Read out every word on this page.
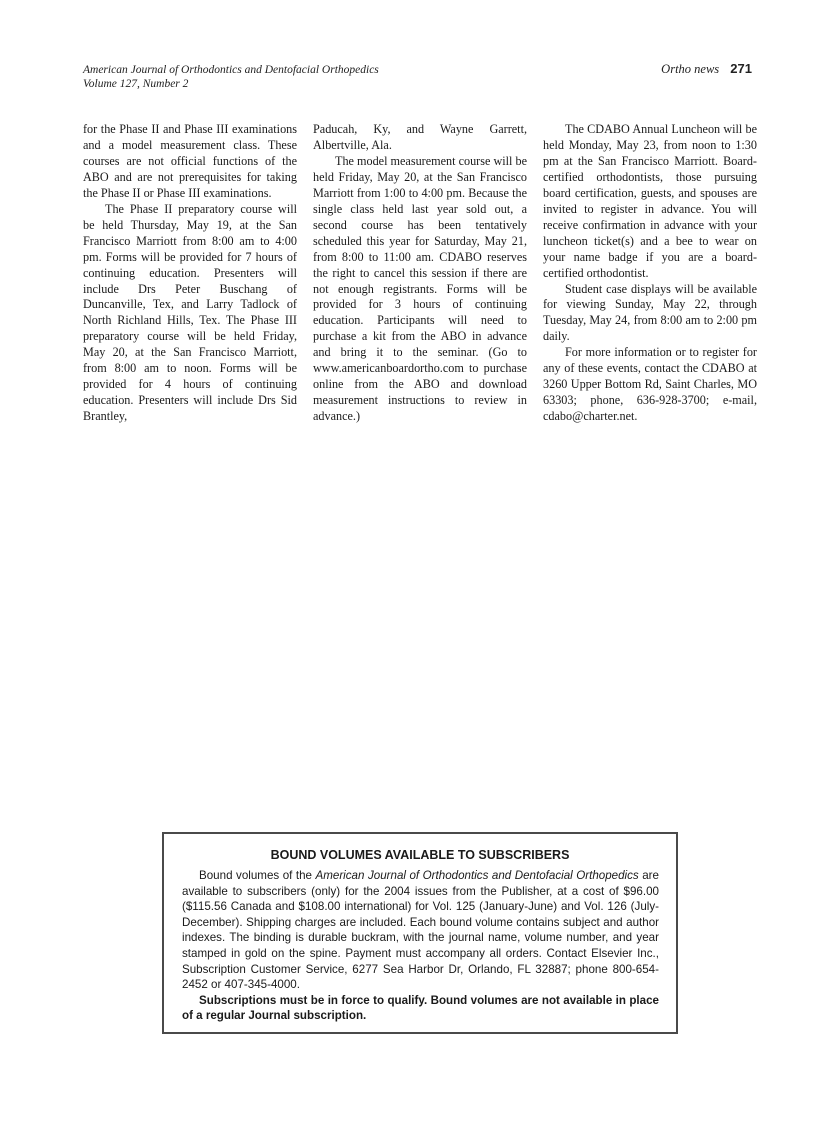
American Journal of Orthodontics and Dentofacial Orthopedics
Volume 127, Number 2
Ortho news 271

for the Phase II and Phase III examinations and a model measurement class. These courses are not official functions of the ABO and are not prerequisites for taking the Phase II or Phase III examinations.

The Phase II preparatory course will be held Thursday, May 19, at the San Francisco Marriott from 8:00 am to 4:00 pm. Forms will be provided for 7 hours of continuing education. Presenters will include Drs Peter Buschang of Duncanville, Tex, and Larry Tadlock of North Richland Hills, Tex. The Phase III preparatory course will be held Friday, May 20, at the San Francisco Marriott, from 8:00 am to noon. Forms will be provided for 4 hours of continuing education. Presenters will include Drs Sid Brantley,

Paducah, Ky, and Wayne Garrett, Albertville, Ala.

The model measurement course will be held Friday, May 20, at the San Francisco Marriott from 1:00 to 4:00 pm. Because the single class held last year sold out, a second course has been tentatively scheduled this year for Saturday, May 21, from 8:00 to 11:00 am. CDABO reserves the right to cancel this session if there are not enough registrants. Forms will be provided for 3 hours of continuing education. Participants will need to purchase a kit from the ABO in advance and bring it to the seminar. (Go to www.americanboardortho.com to purchase online from the ABO and download measurement instructions to review in advance.)

The CDABO Annual Luncheon will be held Monday, May 23, from noon to 1:30 pm at the San Francisco Marriott. Board-certified orthodontists, those pursuing board certification, guests, and spouses are invited to register in advance. You will receive confirmation in advance with your luncheon ticket(s) and a bee to wear on your name badge if you are a board-certified orthodontist.

Student case displays will be available for viewing Sunday, May 22, through Tuesday, May 24, from 8:00 am to 2:00 pm daily.

For more information or to register for any of these events, contact the CDABO at 3260 Upper Bottom Rd, Saint Charles, MO 63303; phone, 636-928-3700; e-mail, cdabo@charter.net.

BOUND VOLUMES AVAILABLE TO SUBSCRIBERS

Bound volumes of the American Journal of Orthodontics and Dentofacial Orthopedics are available to subscribers (only) for the 2004 issues from the Publisher, at a cost of $96.00 ($115.56 Canada and $108.00 international) for Vol. 125 (January-June) and Vol. 126 (July-December). Shipping charges are included. Each bound volume contains subject and author indexes. The binding is durable buckram, with the journal name, volume number, and year stamped in gold on the spine. Payment must accompany all orders. Contact Elsevier Inc., Subscription Customer Service, 6277 Sea Harbor Dr, Orlando, FL 32887; phone 800-654-2452 or 407-345-4000.

Subscriptions must be in force to qualify. Bound volumes are not available in place of a regular Journal subscription.
